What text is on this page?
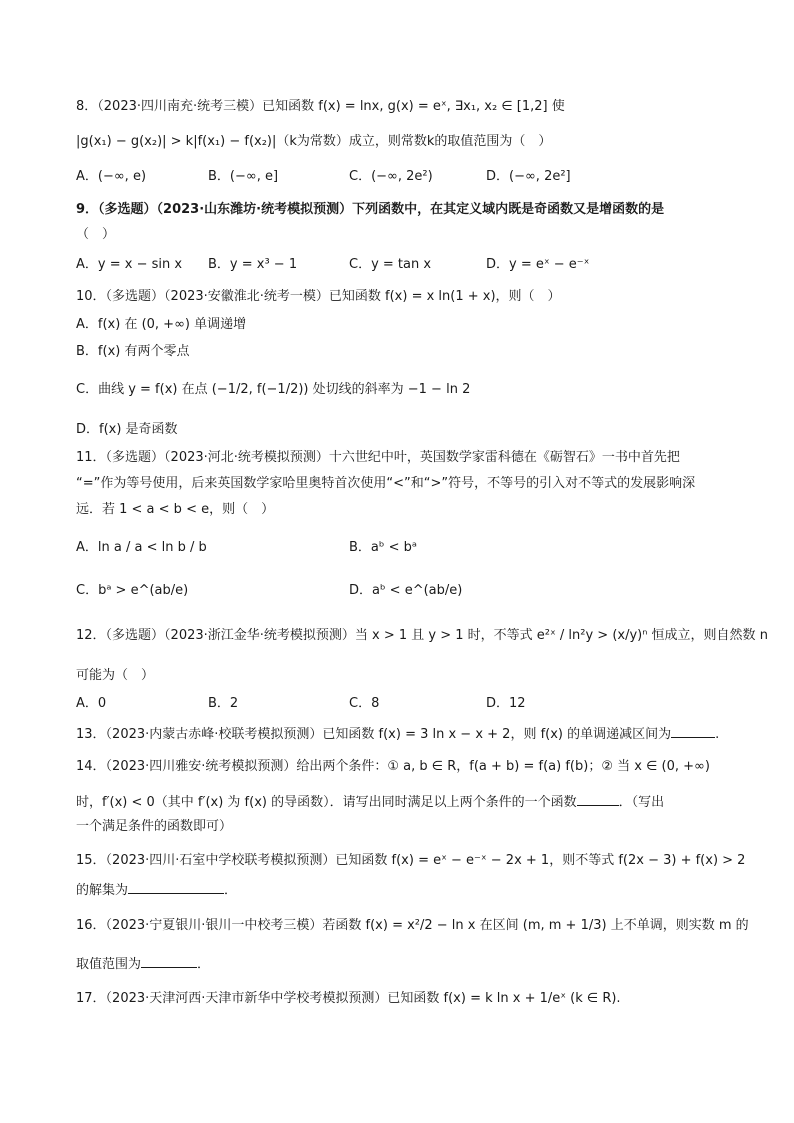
8．（2023·四川南充·统考三模）已知函数 f(x) = lnx, g(x) = eˣ, ∃x₁, x₂ ∈ [1,2] 使
|g(x₁) − g(x₂)| > k|f(x₁) − f(x₂)|（k为常数）成立，则常数k的取值范围为（　）
A．(−∞, e)	B．(−∞, e]	C．(−∞, 2e²)	D．(−∞, 2e²]
9．（多选题）（2023·山东潍坊·统考模拟预测）下列函数中，在其定义域内既是奇函数又是增函数的是
（　）
A．y = x − sin x B．y = x³ − 1	C．y = tan x	D．y = eˣ − e⁻ˣ
10．（多选题）（2023·安徽淮北·统考一模）已知函数 f(x) = x ln(1 + x)，则（　）
A．f(x) 在 (0, +∞) 单调递增
B．f(x) 有两个零点
C．曲线 y = f(x) 在点 (−1/2, f(−1/2)) 处切线的斜率为 −1 − ln 2
D．f(x) 是奇函数
11．（多选题）（2023·河北·统考模拟预测）十六世纪中叶，英国数学家雷科德在《砺智石》一书中首先把
“=”作为等号使用，后来英国数学家哈里奥特首次使用“<”和“>”符号，不等号的引入对不等式的发展影响深
远．若 1 < a < b < e，则（　）
A．ln a / a < ln b / b	B．aᵇ < bᵃ
C．bᵃ > e^(ab/e)	D．aᵇ < e^(ab/e)
12．（多选题）（2023·浙江金华·统考模拟预测）当 x > 1 且 y > 1 时，不等式 e²ˣ / ln²y > (x/y)ⁿ 恒成立，则自然数 n
可能为（　）
A．0	B．2	C．8	D．12
13．（2023·内蒙古赤峰·校联考模拟预测）已知函数 f(x) = 3 ln x − x + 2，则 f(x) 的单调递减区间为	.
14．（2023·四川雅安·统考模拟预测）给出两个条件：① a, b ∈ R，f(a + b) = f(a) f(b)；② 当 x ∈ (0, +∞)
时，f′(x) < 0（其中 f′(x) 为 f(x) 的导函数）．请写出同时满足以上两个条件的一个函数	．（写出
一个满足条件的函数即可）
15．（2023·四川·石室中学校联考模拟预测）已知函数 f(x) = eˣ − e⁻ˣ − 2x + 1，则不等式 f(2x − 3) + f(x) > 2
的解集为	．
16．（2023·宁夏银川·银川一中校考三模）若函数 f(x) = x²/2 − ln x 在区间 (m, m + 1/3) 上不单调，则实数 m 的
取值范围为	．
17．（2023·天津河西·天津市新华中学校考模拟预测）已知函数 f(x) = k ln x + 1/eˣ (k ∈ R).
